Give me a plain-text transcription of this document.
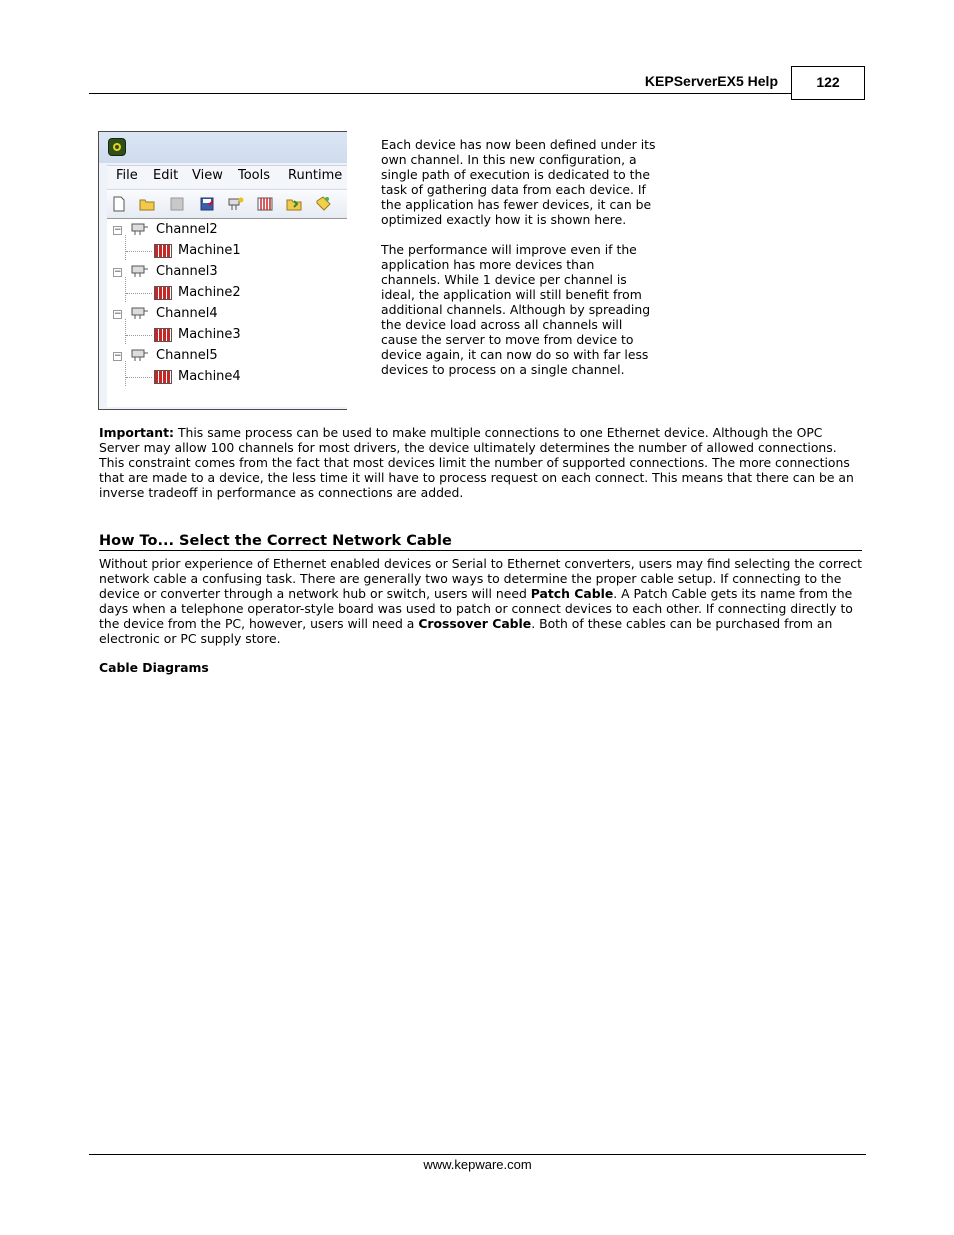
KEPServerEX5 Help	122
File Edit View Tools Runtime
−	Channel2
Machine1
−	Channel3
Machine2
−	Channel4
Machine3
−	Channel5
Machine4

Each device has now been defined under its own channel. In this new configuration, a single path of execution is dedicated to the task of gathering data from each device. If the application has fewer devices, it can be optimized exactly how it is shown here.

The performance will improve even if the application has more devices than channels. While 1 device per channel is ideal, the application will still benefit from additional channels. Although by spreading the device load across all channels will cause the server to move from device to device again, it can now do so with far less devices to process on a single channel.

Important: This same process can be used to make multiple connections to one Ethernet device. Although the OPC Server may allow 100 channels for most drivers, the device ultimately determines the number of allowed connections. This constraint comes from the fact that most devices limit the number of supported connections. The more connections that are made to a device, the less time it will have to process request on each connect. This means that there can be an inverse tradeoff in performance as connections are added.
How To... Select the Correct Network Cable
Without prior experience of Ethernet enabled devices or Serial to Ethernet converters, users may find selecting the correct network cable a confusing task. There are generally two ways to determine the proper cable setup. If connecting to the device or converter through a network hub or switch, users will need Patch Cable. A Patch Cable gets its name from the days when a telephone operator-style board was used to patch or connect devices to each other. If connecting directly to the device from the PC, however, users will need a Crossover Cable. Both of these cables can be purchased from an electronic or PC supply store.
Cable Diagrams
www.kepware.com
